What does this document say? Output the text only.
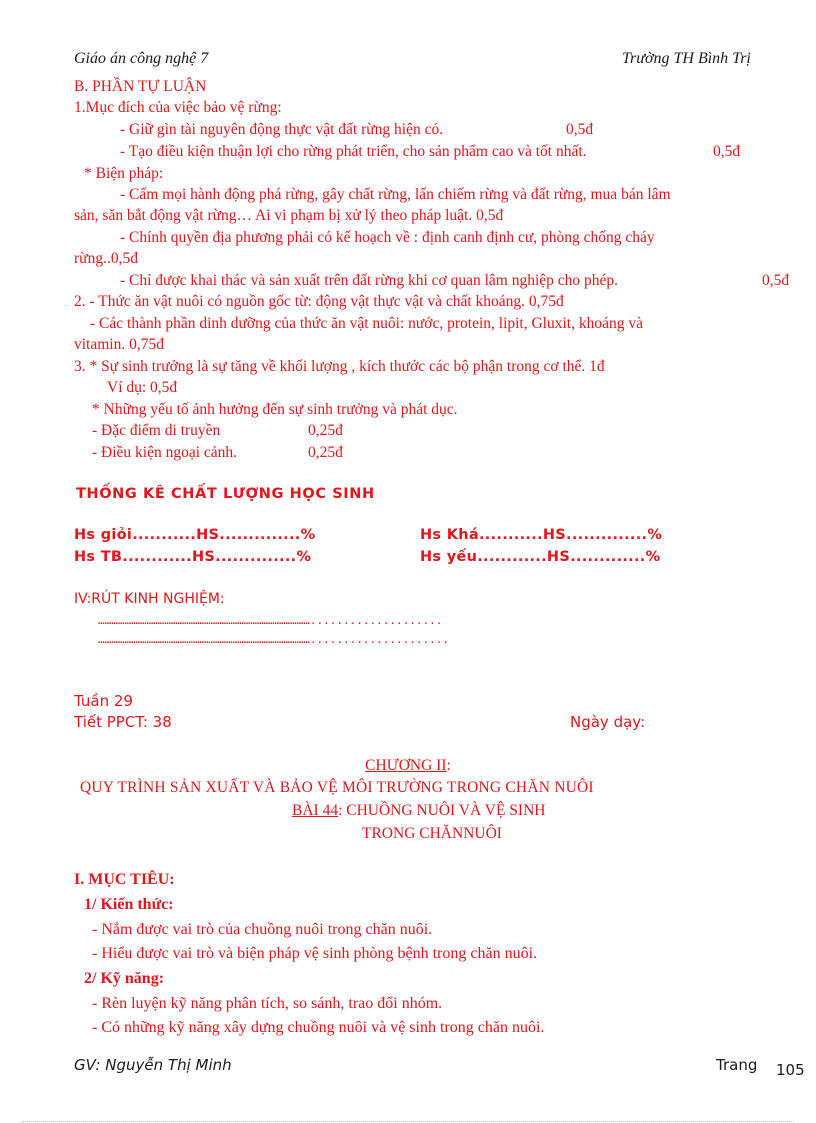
Giáo án công nghệ 7	Trường TH Bình Trị
B. PHẦN TỰ LUẬN
1.Mục đích của việc bảo vệ rừng:
- Giữ gìn tài nguyên động thực vật đất rừng hiện có.	0,5đ
- Tạo điều kiện thuận lợi cho rừng phát triển, cho sản phẩm cao và tốt nhất.	0,5đ
* Biện pháp:
- Cấm mọi hành động phá rừng, gây chất rừng, lấn chiếm rừng và đất rừng, mua bán lâm
sản, săn bắt động vật rừng… Ai vi phạm bị xử lý theo pháp luật. 0,5đ
- Chính quyền địa phương phải có kế hoạch về : định canh định cư, phòng chống cháy
rừng..0,5đ
- Chỉ được khai thác và sản xuất trên đất rừng khi cơ quan lâm nghiệp cho phép.	0,5đ
2. - Thức ăn vật nuôi có nguồn gốc từ: động vật thực vật và chất khoáng. 0,75đ
- Các thành phần dinh dưỡng của thức ăn vật nuôi: nước, protein, lipit, Gluxit, khoáng và
vitamin. 0,75đ
3. * Sự sinh trưởng là sự tăng về khối lượng , kích thước các bộ phận trong cơ thể. 1đ
Ví dụ: 0,5đ
* Những yếu tố ảnh hưởng đến sự sinh trưởng và phát dục.
- Đặc điểm di truyền	0,25đ
- Điều kiện ngoại cảnh.	0,25đ
THỐNG KÊ CHẤT LƯỢNG HỌC SINH
Hs giỏi...........HS..............%	Hs Khá...........HS..............%
Hs TB............HS..............%	Hs yếu............HS.............%
IV:RÚT KINH NGHIỆM:
……………………………………………………………………………………....................
…………………………………………………………………………………….....................
Tuần 29
Tiết PPCT: 38	Ngày dạy:
CHƯƠNG II:
QUY TRÌNH SẢN XUẤT VÀ BẢO VỆ MÔI TRƯỜNG TRONG CHĂN NUÔI
BÀI 44: CHUỒNG NUÔI VÀ VỆ SINH
TRONG CHĂNNUÔI
I. MỤC TIÊU:
1/ Kiến thức:
- Nắm được vai trò của chuồng nuôi trong chăn nuôi.
- Hiểu được vai trò và biện pháp vệ sinh phòng bệnh trong chăn nuôi.
2/ Kỹ năng:
- Rèn luyện kỹ năng phân tích, so sánh, trao đổi nhóm.
- Có những kỹ năng xây dựng chuồng nuôi và vệ sinh trong chăn nuôi.
GV: Nguyễn Thị Minh	Trang 105
